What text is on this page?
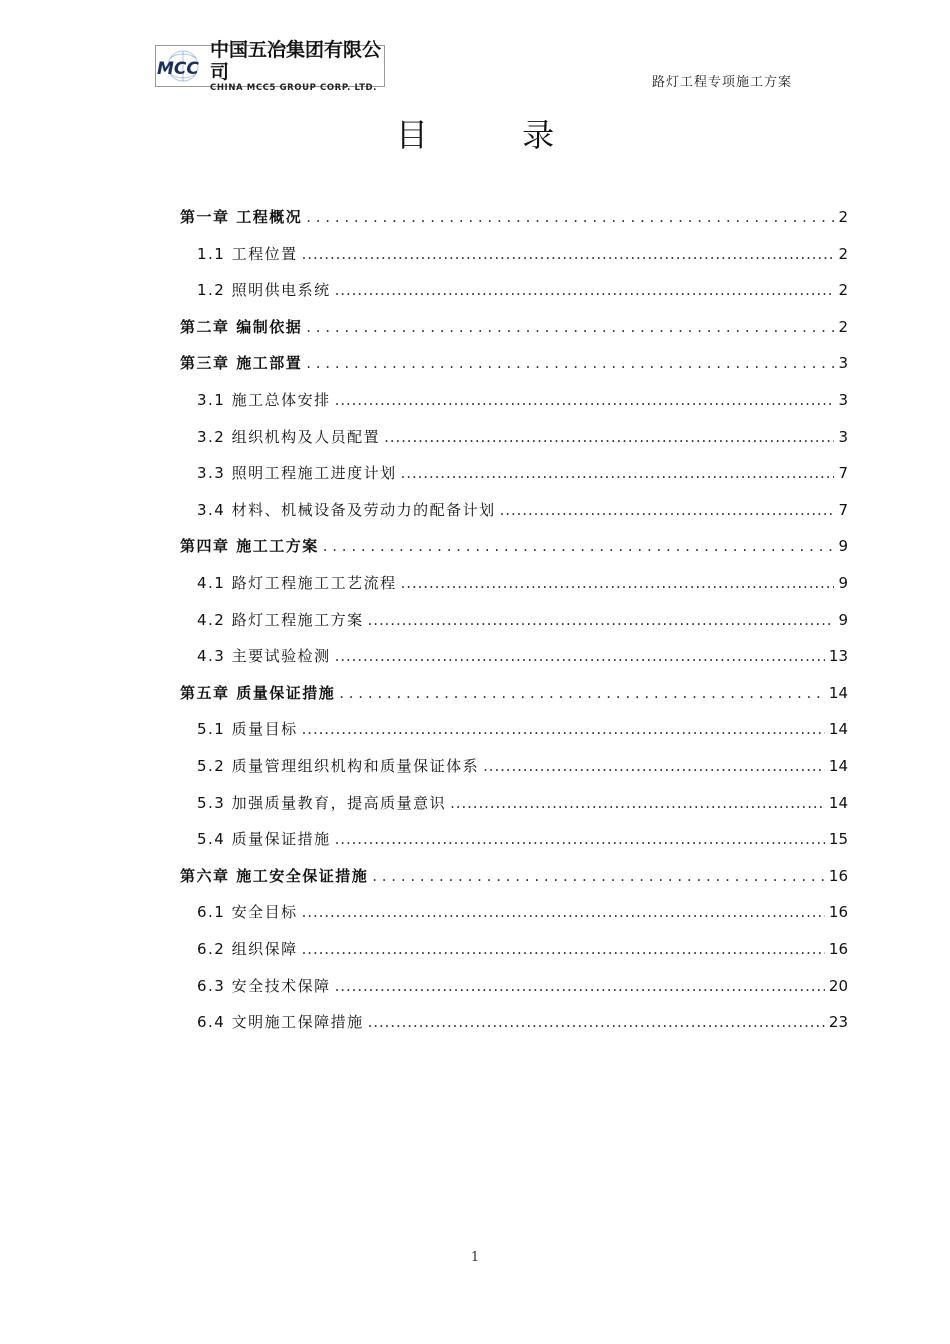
MCC
中国五冶集团有限公司
CHINA MCC5 GROUP CORP. LTD.	路灯工程专项施工方案
目 录
第一章 工程概况 . . .	2
1.1 工程位置 .....	2
1.2 照明供电系统 .....	2
第二章 编制依据 . . .	2
第三章 施工部置 . . .	3
3.1 施工总体安排 .....	3
3.2 组织机构及人员配置 .....	3
3.3 照明工程施工进度计划 .....	7
3.4 材料、机械设备及劳动力的配备计划 .....	7
第四章 施工工方案 . . .	9
4.1 路灯工程施工工艺流程 .....	9
4.2 路灯工程施工方案 .....	9
4.3 主要试验检测 .....	13
第五章 质量保证措施 . . .	14
5.1 质量目标 .....	14
5.2 质量管理组织机构和质量保证体系 .....	14
5.3 加强质量教育，提高质量意识 .....	14
5.4 质量保证措施 .....	15
第六章 施工安全保证措施 . . .	16
6.1 安全目标 .....	16
6.2 组织保障 .....	16
6.3 安全技术保障 .....	20
6.4 文明施工保障措施 .....	23
1
